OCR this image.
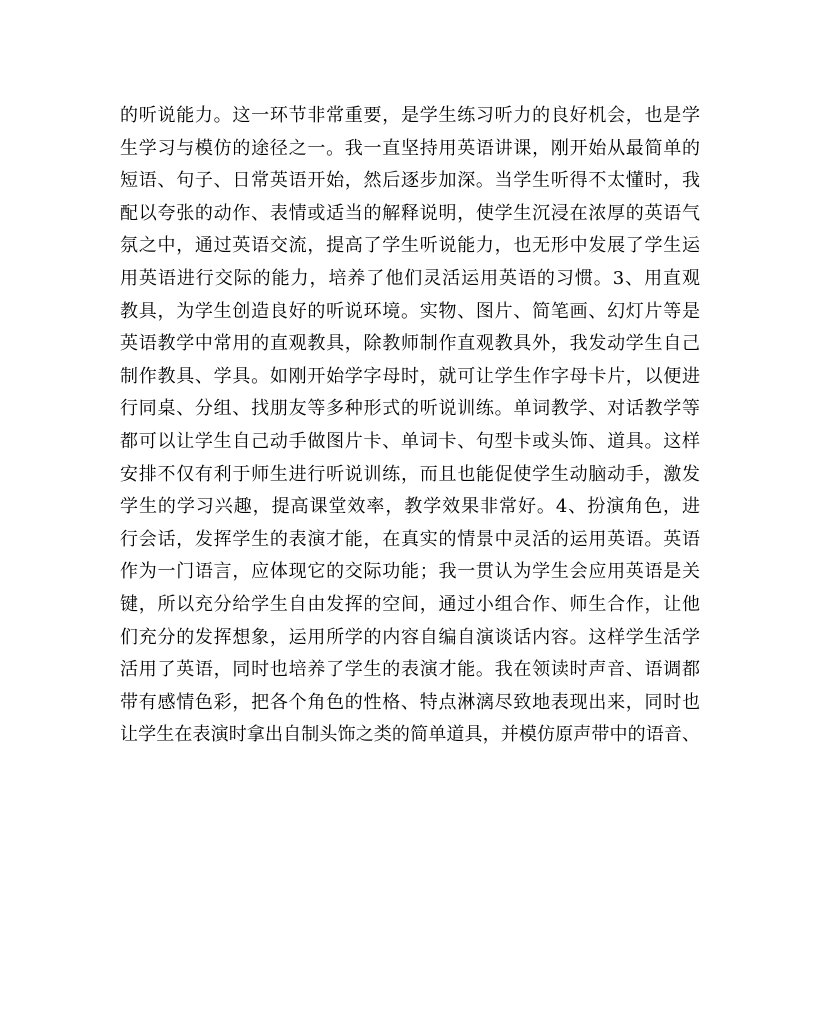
的听说能力。这一环节非常重要，是学生练习听力的良好机会，也是学
生学习与模仿的途径之一。我一直坚持用英语讲课，刚开始从最简单的
短语、句子、日常英语开始，然后逐步加深。当学生听得不太懂时，我
配以夸张的动作、表情或适当的解释说明，使学生沉浸在浓厚的英语气
氛之中，通过英语交流，提高了学生听说能力，也无形中发展了学生运
用英语进行交际的能力，培养了他们灵活运用英语的习惯。3、用直观
教具，为学生创造良好的听说环境。实物、图片、简笔画、幻灯片等是
英语教学中常用的直观教具，除教师制作直观教具外，我发动学生自己
制作教具、学具。如刚开始学字母时，就可让学生作字母卡片，以便进
行同桌、分组、找朋友等多种形式的听说训练。单词教学、对话教学等
都可以让学生自己动手做图片卡、单词卡、句型卡或头饰、道具。这样
安排不仅有利于师生进行听说训练，而且也能促使学生动脑动手，激发
学生的学习兴趣，提高课堂效率，教学效果非常好。4、扮演角色，进
行会话，发挥学生的表演才能，在真实的情景中灵活的运用英语。英语
作为一门语言，应体现它的交际功能；我一贯认为学生会应用英语是关
键，所以充分给学生自由发挥的空间，通过小组合作、师生合作，让他
们充分的发挥想象，运用所学的内容自编自演谈话内容。这样学生活学
活用了英语，同时也培养了学生的表演才能。我在领读时声音、语调都
带有感情色彩，把各个角色的性格、特点淋漓尽致地表现出来，同时也
让学生在表演时拿出自制头饰之类的简单道具，并模仿原声带中的语音、
